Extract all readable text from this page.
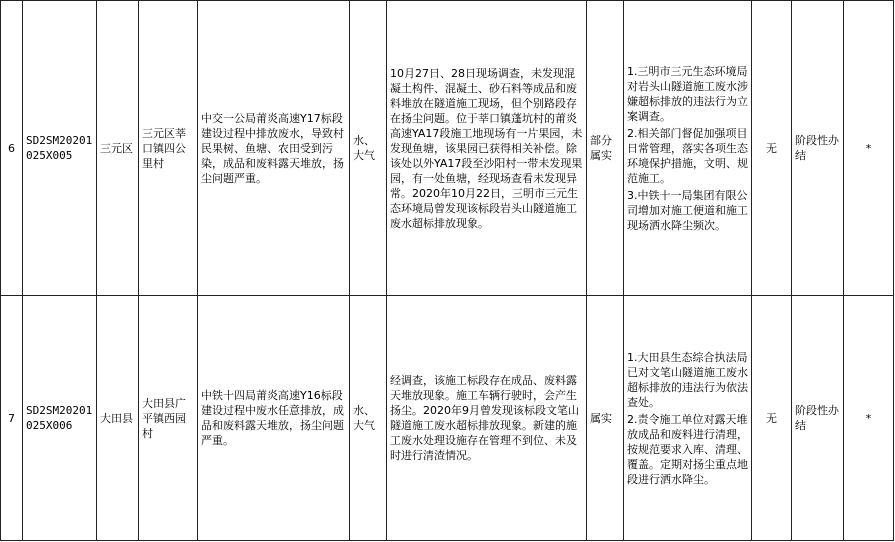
6	SD2SM20201025X005	三元区	三元区莘口镇四公里村	中交一公局莆炎高速Y17标段建设过程中排放废水，导致村民果树、鱼塘、农田受到污染，成品和废料露天堆放，扬尘问题严重。	水、大气	10月27日、28日现场调查，未发现混凝土构件、混凝土、砂石料等成品和废料堆放在隧道施工现场，但个别路段存在扬尘问题。位于莘口镇蓬坑村的莆炎高速YA17段施工地现场有一片果园，未发现鱼塘，该果园已获得相关补偿。除该处以外YA17段至沙阳村一带未发现果园，有一处鱼塘，经现场查看未发现异常。2020年10月22日，三明市三元生态环境局曾发现该标段岩头山隧道施工废水超标排放现象。	部分属实	1.三明市三元生态环境局对岩头山隧道施工废水涉嫌超标排放的违法行为立案调查。
2.相关部门督促加强项目日常管理，落实各项生态环境保护措施，文明、规范施工。
3.中铁十一局集团有限公司增加对施工便道和施工现场洒水降尘频次。	无	阶段性办结	*
7	SD2SM20201025X006	大田县	大田县广平镇西园村	中铁十四局莆炎高速Y16标段建设过程中废水任意排放，成品和废料露天堆放，扬尘问题严重。	水、大气	经调查，该施工标段存在成品、废料露天堆放现象。施工车辆行驶时，会产生扬尘。2020年9月曾发现该标段文笔山隧道施工废水超标排放现象。新建的施工废水处理设施存在管理不到位、未及时进行清渣情况。	属实	1.大田县生态综合执法局已对文笔山隧道施工废水超标排放的违法行为依法查处。
2.责令施工单位对露天堆放成品和废料进行清理，按规范要求入库、清理、覆盖。定期对扬尘重点地段进行洒水降尘。	无	阶段性办结	*
